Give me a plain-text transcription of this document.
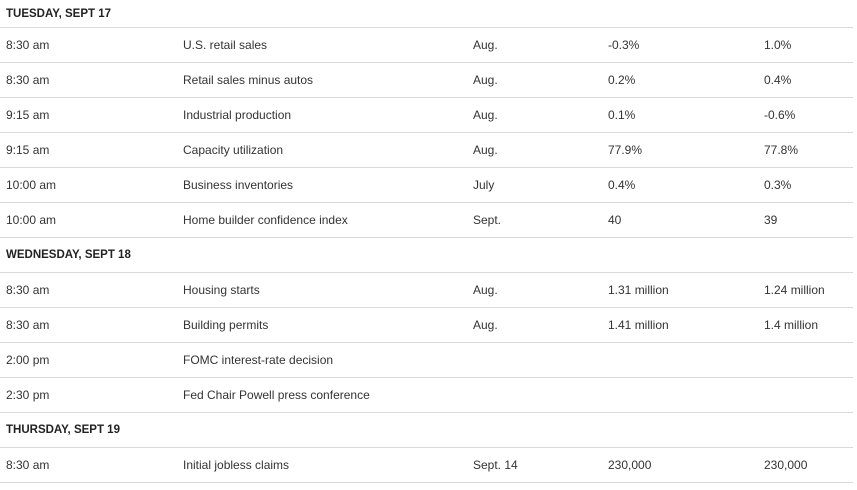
TUESDAY, SEPT 17
8:30 am	U.S. retail sales	Aug.	-0.3%	1.0%
8:30 am	Retail sales minus autos	Aug.	0.2%	0.4%
9:15 am	Industrial production	Aug.	0.1%	-0.6%
9:15 am	Capacity utilization	Aug.	77.9%	77.8%
10:00 am	Business inventories	July	0.4%	0.3%
10:00 am	Home builder confidence index	Sept.	40	39
WEDNESDAY, SEPT 18
8:30 am	Housing starts	Aug.	1.31 million	1.24 million
8:30 am	Building permits	Aug.	1.41 million	1.4 million
2:00 pm	FOMC interest-rate decision
2:30 pm	Fed Chair Powell press conference
THURSDAY, SEPT 19
8:30 am	Initial jobless claims	Sept. 14	230,000	230,000
